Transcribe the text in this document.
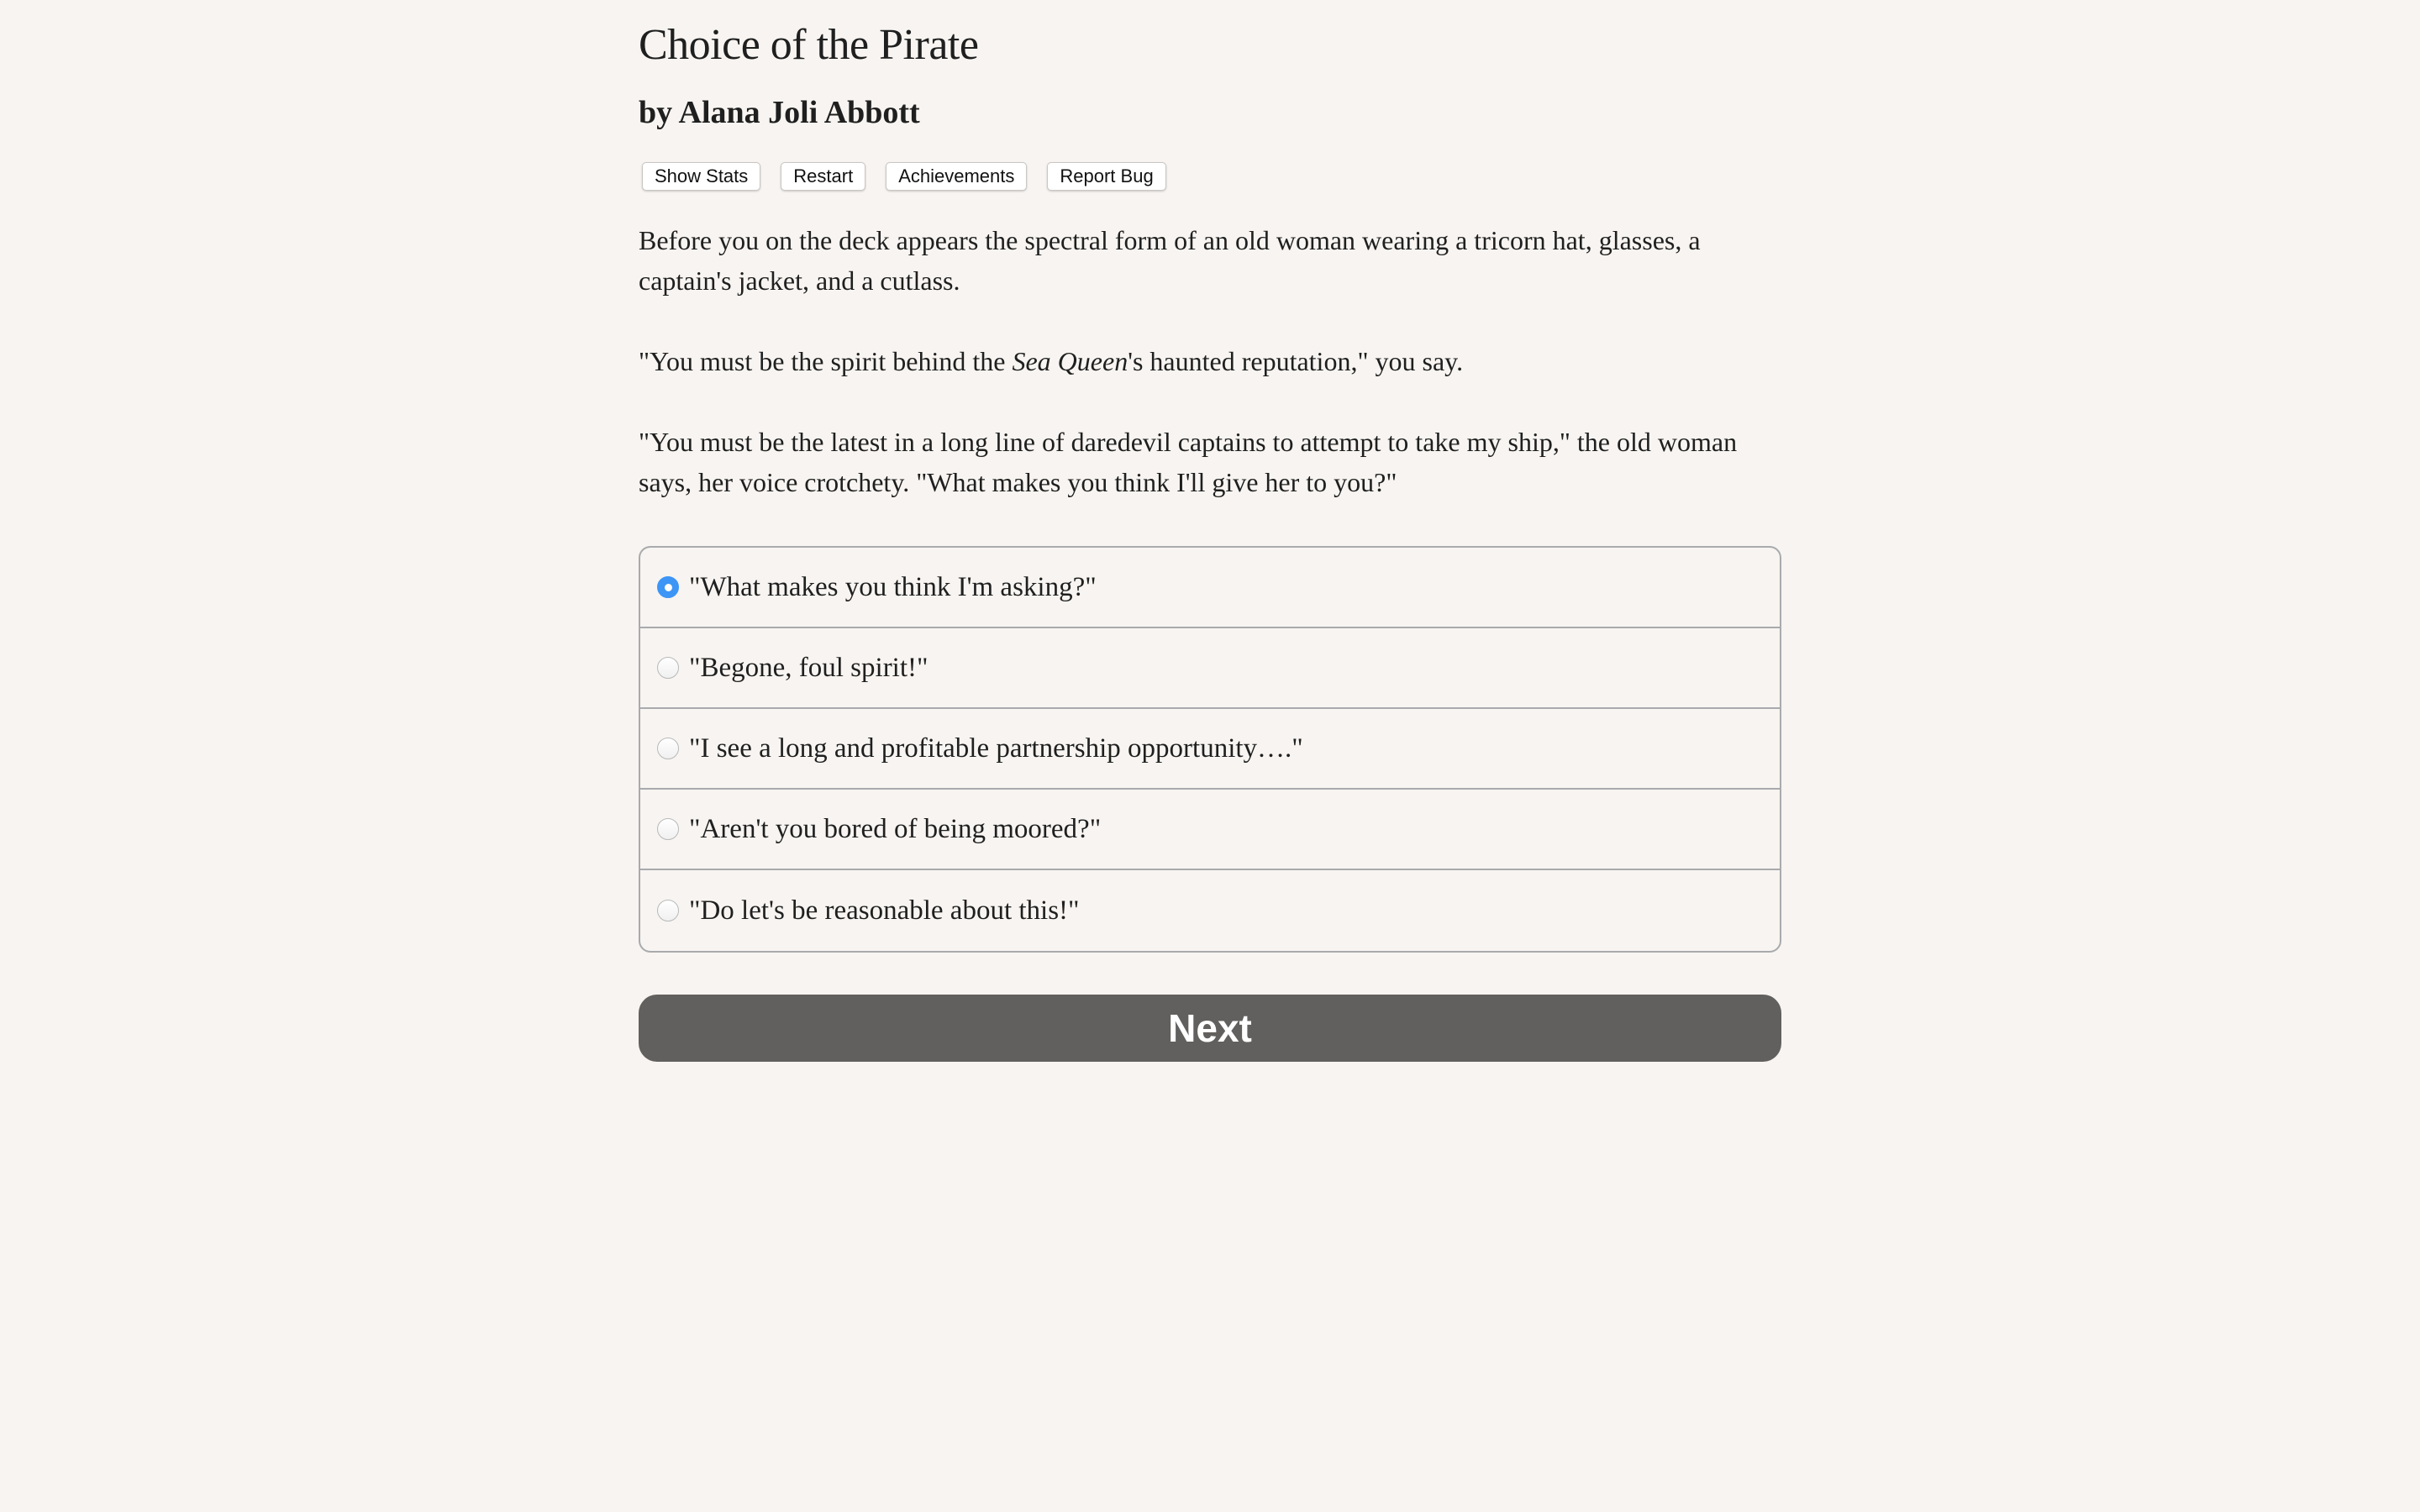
Choice of the Pirate
by Alana Joli Abbott
Show Stats	Restart	Achievements	Report Bug

Before you on the deck appears the spectral form of an old woman wearing a tricorn hat, glasses, a captain's jacket, and a cutlass.

"You must be the spirit behind the Sea Queen's haunted reputation," you say.

"You must be the latest in a long line of daredevil captains to attempt to take my ship," the old woman says, her voice crotchety. "What makes you think I'll give her to you?"

"What makes you think I'm asking?"
"Begone, foul spirit!"
"I see a long and profitable partnership opportunity…."
"Aren't you bored of being moored?"
"Do let's be reasonable about this!"
Next
